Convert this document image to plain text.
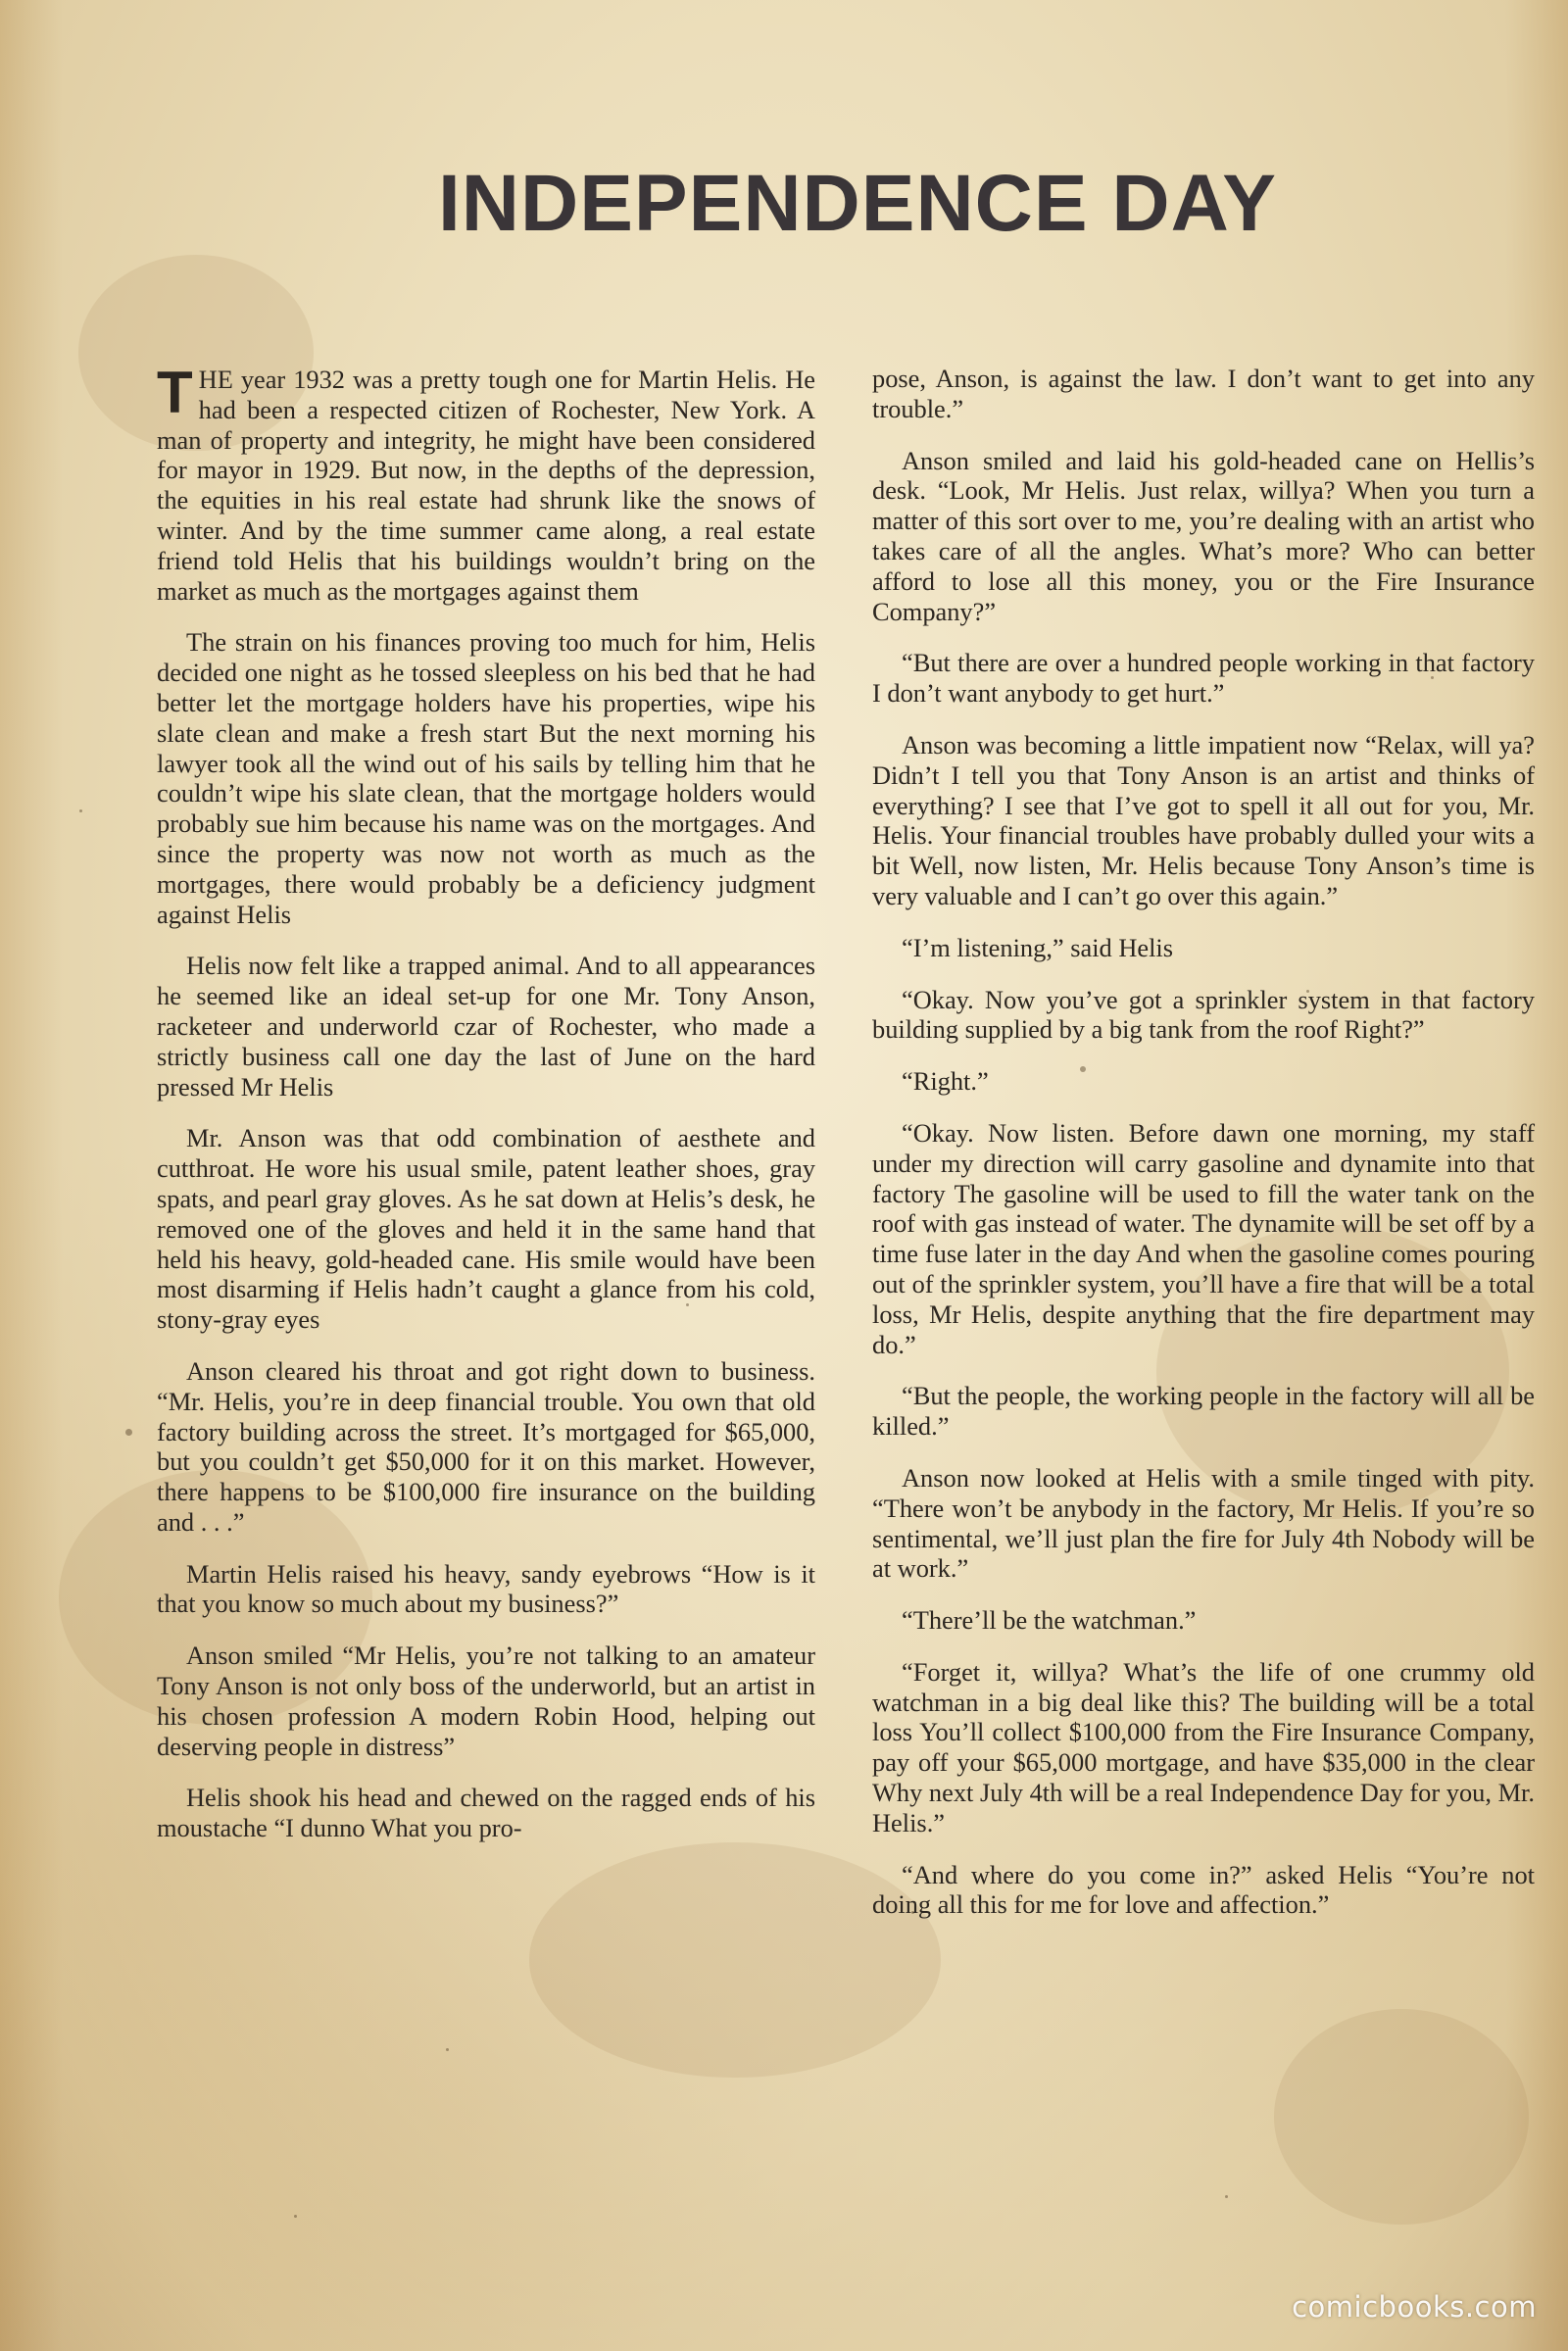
INDEPENDENCE DAY

THE year 1932 was a pretty tough one for Martin Helis. He had been a respected citizen of Rochester, New York. A man of property and integrity, he might have been considered for mayor in 1929. But now, in the depths of the depression, the equities in his real estate had shrunk like the snows of winter. And by the time summer came along, a real estate friend told Helis that his buildings wouldn’t bring on the market as much as the mortgages against them

The strain on his finances proving too much for him, Helis decided one night as he tossed sleepless on his bed that he had better let the mortgage holders have his properties, wipe his slate clean and make a fresh start But the next morning his lawyer took all the wind out of his sails by telling him that he couldn’t wipe his slate clean, that the mortgage holders would probably sue him because his name was on the mortgages. And since the property was now not worth as much as the mortgages, there would probably be a deficiency judgment against Helis

Helis now felt like a trapped animal. And to all appearances he seemed like an ideal set-up for one Mr. Tony Anson, racketeer and underworld czar of Rochester, who made a strictly business call one day the last of June on the hard pressed Mr Helis

Mr. Anson was that odd combination of aesthete and cutthroat. He wore his usual smile, patent leather shoes, gray spats, and pearl gray gloves. As he sat down at Helis’s desk, he removed one of the gloves and held it in the same hand that held his heavy, gold-headed cane. His smile would have been most disarming if Helis hadn’t caught a glance from his cold, stony-gray eyes

Anson cleared his throat and got right down to business. “Mr. Helis, you’re in deep financial trouble. You own that old factory building across the street. It’s mortgaged for $65,000, but you couldn’t get $50,000 for it on this market. However, there happens to be $100,000 fire insurance on the building and . . .”

Martin Helis raised his heavy, sandy eyebrows “How is it that you know so much about my business?”

Anson smiled “Mr Helis, you’re not talking to an amateur Tony Anson is not only boss of the underworld, but an artist in his chosen profession A modern Robin Hood, helping out deserving people in distress”

Helis shook his head and chewed on the ragged ends of his moustache “I dunno What you pro-

pose, Anson, is against the law. I don’t want to get into any trouble.”

Anson smiled and laid his gold-headed cane on Hellis’s desk. “Look, Mr Helis. Just relax, willya? When you turn a matter of this sort over to me, you’re dealing with an artist who takes care of all the angles. What’s more? Who can better afford to lose all this money, you or the Fire Insurance Company?”

“But there are over a hundred people working in that factory I don’t want anybody to get hurt.”

Anson was becoming a little impatient now “Relax, will ya? Didn’t I tell you that Tony Anson is an artist and thinks of everything? I see that I’ve got to spell it all out for you, Mr. Helis. Your financial troubles have probably dulled your wits a bit Well, now listen, Mr. Helis because Tony Anson’s time is very valuable and I can’t go over this again.”

“I’m listening,” said Helis

“Okay. Now you’ve got a sprinkler system in that factory building supplied by a big tank from the roof Right?”

“Right.”

“Okay. Now listen. Before dawn one morning, my staff under my direction will carry gasoline and dynamite into that factory The gasoline will be used to fill the water tank on the roof with gas instead of water. The dynamite will be set off by a time fuse later in the day And when the gasoline comes pouring out of the sprinkler system, you’ll have a fire that will be a total loss, Mr Helis, despite anything that the fire department may do.”

“But the people, the working people in the factory will all be killed.”

Anson now looked at Helis with a smile tinged with pity. “There won’t be anybody in the factory, Mr Helis. If you’re so sentimental, we’ll just plan the fire for July 4th Nobody will be at work.”

“There’ll be the watchman.”

“Forget it, willya? What’s the life of one crummy old watchman in a big deal like this? The building will be a total loss You’ll collect $100,000 from the Fire Insurance Company, pay off your $65,000 mortgage, and have $35,000 in the clear Why next July 4th will be a real Independence Day for you, Mr. Helis.”

“And where do you come in?” asked Helis “You’re not doing all this for me for love and affection.”

comicbooks.com
